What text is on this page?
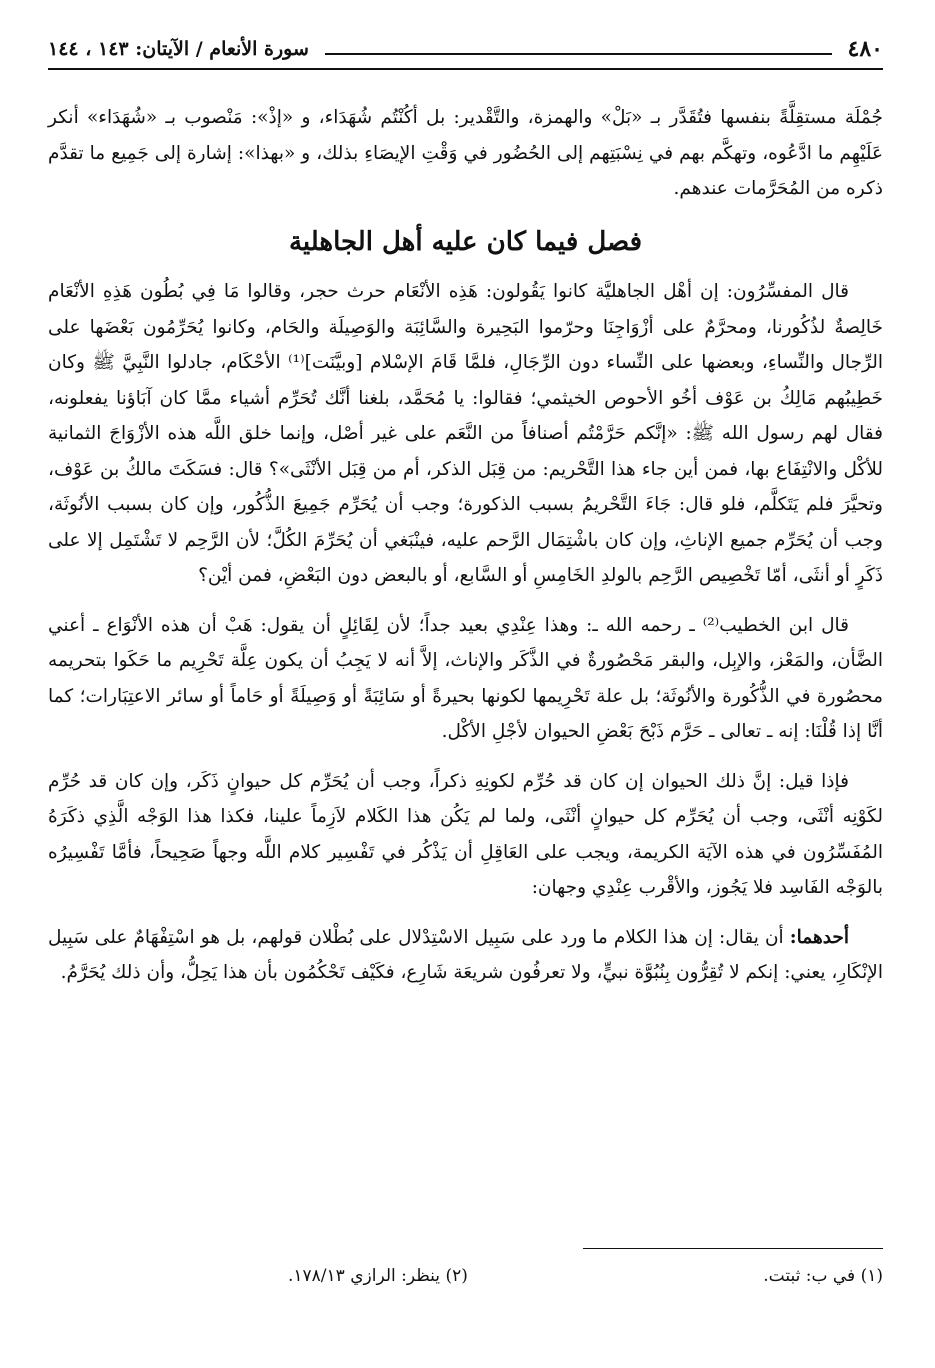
٤٨٠
سورة الأنعام / الآيتان: ١٤٣ ، ١٤٤

جُمْلَة مستقِلَّةً بنفسها فتُقَدَّر بـ «بَلْ» والهمزة، والتَّقْدير: بل أكُنْتُم شُهَدَاء، و «إذْ»: مَنْصوب بـ «شُهَدَاء» أنكر عَلَيْهِم ما ادَّعُوه، وتهكَّم بهم في نِسْبَتِهم إلى الحُضُور في وَقْتِ الإيصَاءِ بذلك، و «بهذا»: إشارة إلى جَمِيع ما تقدَّم ذكره من المُحَرَّمات عندهم.

فصل فيما كان عليه أهل الجاهلية

قال المفسِّرُون: إن أهْل الجاهليَّة كانوا يَقُولون: هَذِه الأنْعَام حرث حجر، وقالوا مَا فِي بُطُون هَذِهِ الأنْعَام خَالِصةٌ لذُكُورنا، ومحرَّمٌ على أزْوَاجِنَا وحرّموا البَحِيرة والسَّائِبَة والوَصِيلَة والحَام، وكانوا يُحَرِّمُون بَعْضَها على الرِّجال والنِّساءِ، وبعضها على النِّساء دون الرِّجَالِ، فلمَّا قَامَ الإسْلام [وبيَّنَت]⁽¹⁾ الأحْكَام، جادلوا النَّبِيَّ ﷺ وكان خَطِيبُهم مَالِكُ بن عَوْف أخُو الأحوص الخيثمي؛ فقالوا: يا مُحَمَّد، بلغنا أنَّك تُحَرِّم أشياء ممَّا كان آبَاؤنا يفعلونه، فقال لهم رسول الله ﷺ: «إنَّكم حَرَّمْتُم أصنافاً من النَّعَم على غير أصْل، وإنما خلق اللَّه هذه الأزْوَاجَ الثمانية للأكْل والانْتِفَاع بها، فمن أين جاء هذا التَّحْريم: من قِبَل الذكر، أم من قِبَل الأنْثَى»؟ قال: فسَكَتَ مالكُ بن عَوْف، وتحيَّرَ فلم يَتَكلَّم، فلو قال: جَاءَ التَّحْريمُ بسبب الذكورة؛ وجب أن يُحَرِّم جَمِيعَ الذُّكُور، وإن كان بسبب الأنُوثَة، وجب أن يُحَرِّم جميع الإناثِ، وإن كان باشْتِمَال الرَّحم عليه، فينْبَغي أن يُحَرِّمَ الكُلَّ؛ لأن الرَّحِم لا تَشْتَمِل إلا على ذَكَرٍ أو أنثَى، أمّا تَخْصِيص الرَّحِم بالولدِ الخَامِسِ أو السَّابع، أو بالبعض دون البَعْضِ، فمن أيْن؟

قال ابن الخطيب⁽²⁾ ـ رحمه الله ـ: وهذا عِنْدِي بعيد جداً؛ لأن لِقَائِلٍ أن يقول: هَبْ أن هذه الأنْوَاع ـ أعني الضَّأن، والمَعْز، والإبِل، والبقر مَحْصُورةٌ في الذَّكَر والإناث، إلاَّ أنه لا يَجِبُ أن يكون عِلَّة تَحْرِيم ما حَكَوا بتحريمه محصُورة في الذُّكُورة والأنُوثَة؛ بل علة تَحْرِيمها لكونها بحيرةً أو سَائِبَةً أو وَصِيلَةً أو حَاماً أو سائر الاعتِبَارات؛ كما أنَّا إذا قُلْنَا: إنه ـ تعالى ـ حَرَّم ذَبْحَ بَعْضِ الحيوان لأجْلِ الأكْل.

فإذا قيل: إنَّ ذلك الحيوان إن كان قد حُرِّم لكونِهِ ذكراً، وجب أن يُحَرِّم كل حيوانٍ ذَكَر، وإن كان قد حُرِّم لكَوْنِه أنْثَى، وجب أن يُحَرِّم كل حيوانٍ أنْثَى، ولما لم يَكُن هذا الكَلام لاَزِماً علينا، فكذا هذا الوَجْه الَّذِي ذكَرَهُ المُفَسِّرُون في هذه الآيَة الكريمة، ويجب على العَاقِلِ أن يَذْكُر في تَفْسِير كلام اللَّه وجهاً صَحِيحاً، فأمَّا تَفْسِيرُه بالوَجْه الفَاسِد فلا يَجُوز، والأقْرب عِنْدِي وجهان:

أحدهما: أن يقال: إن هذا الكلام ما ورد على سَبِيل الاسْتِدْلال على بُطْلان قولهم، بل هو اسْتِفْهَامٌ على سَبِيل الإنْكَارِ، يعني: إنكم لا تُقِرُّون بِنُبُوَّة نبيٍّ، ولا تعرفُون شريعَة شَارِع، فكَيْف تَحْكُمُون بأن هذا يَحِلُّ، وأن ذلك يُحَرَّمُ.

(١) في ب: ثبتت.
(٢) ينظر: الرازي ١٧٨/١٣.
